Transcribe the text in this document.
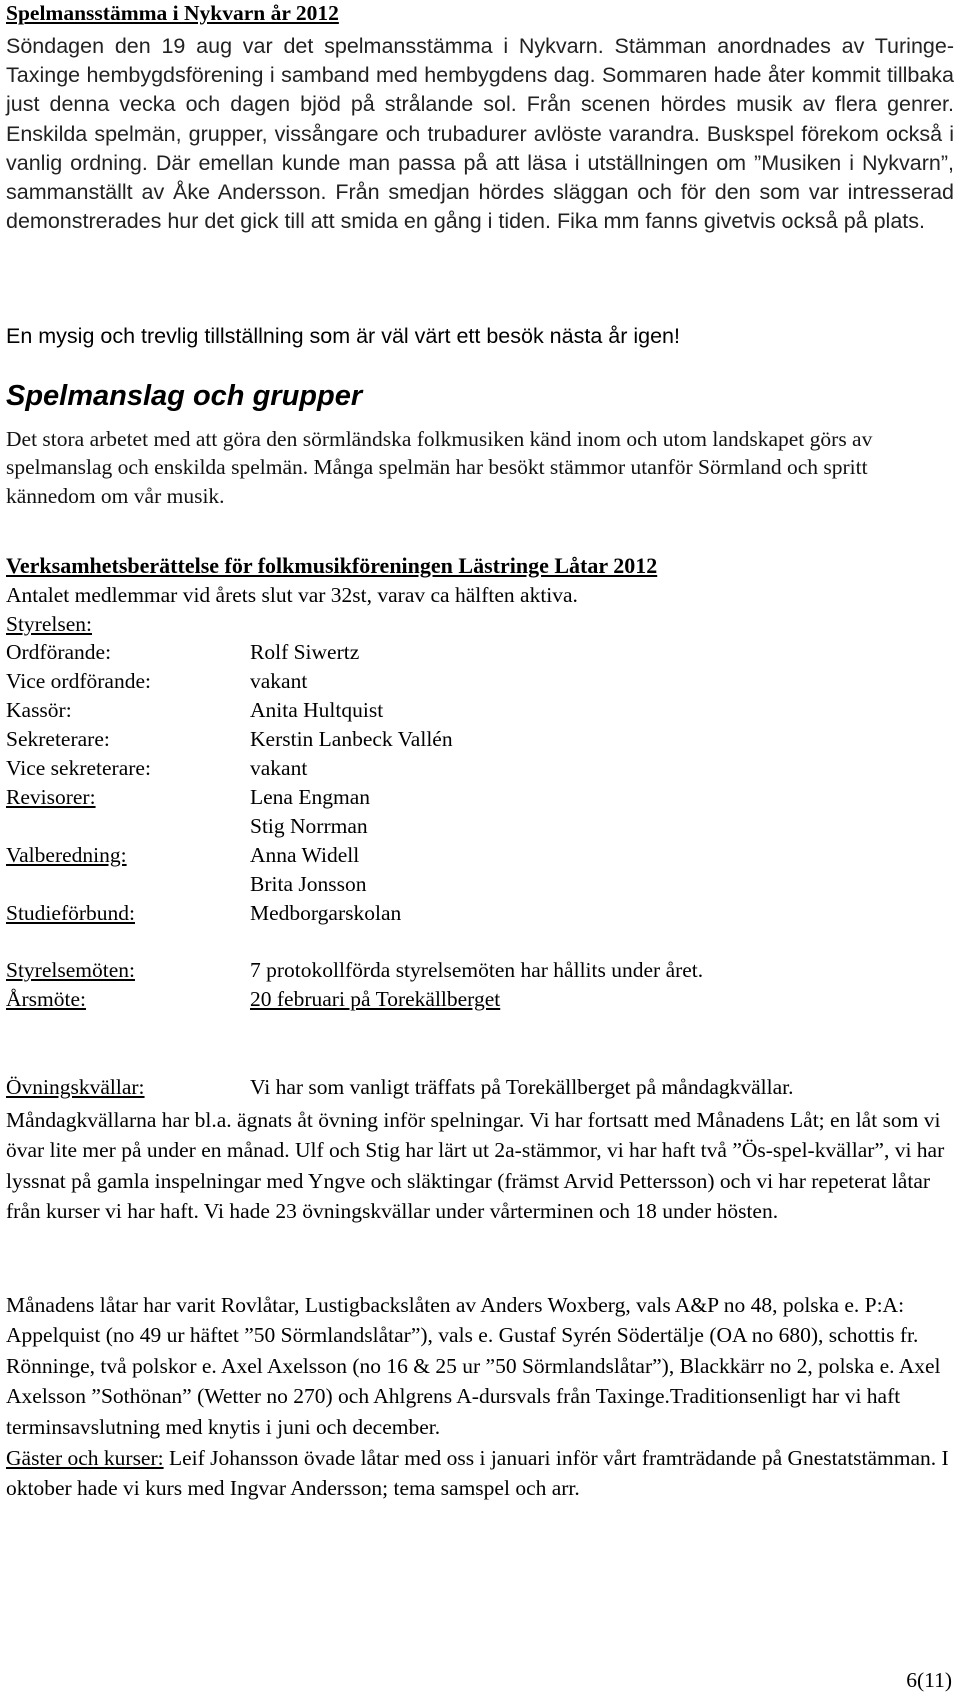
Spelmansstämma i Nykvarn år 2012
Söndagen den 19 aug var det spelmansstämma i Nykvarn. Stämman anordnades av Turinge-Taxinge hembygdsförening i samband med hembygdens dag. Sommaren hade åter kommit tillbaka just denna vecka och dagen bjöd på strålande sol. Från scenen hördes musik av flera genrer. Enskilda spelmän, grupper, vissångare och trubadurer avlöste varandra. Buskspel förekom också i vanlig ordning. Där emellan kunde man passa på att läsa i utställningen om ”Musiken i Nykvarn”, sammanställt av Åke Andersson. Från smedjan hördes släggan och för den som var intresserad demonstrerades hur det gick till att smida en gång i tiden. Fika mm fanns givetvis också på plats.
En mysig och trevlig tillställning som är väl värt ett besök nästa år igen!
Spelmanslag och grupper
Det stora arbetet med att göra den sörmländska folkmusiken känd inom och utom landskapet görs av spelmanslag och enskilda spelmän. Många spelmän har besökt stämmor utanför Sörmland och spritt kännedom om vår musik.
Verksamhetsberättelse för folkmusikföreningen Lästringe Låtar 2012
Antalet medlemmar vid årets slut var 32st, varav ca hälften aktiva.
Styrelsen:
Ordförande:	Rolf Siwertz
Vice ordförande:	vakant
Kassör:	Anita Hultquist
Sekreterare:	Kerstin Lanbeck Vallén
Vice sekreterare:	vakant
Revisorer:	Lena Engman
Stig Norrman
Valberedning:	Anna Widell
Brita Jonsson
Studieförbund:	Medborgarskolan
Styrelsemöten:	7 protokollförda styrelsemöten har hållits under året.
Årsmöte:	20 februari på Torekällberget
Övningskvällar:	Vi har som vanligt träffats på Torekällberget på måndagkvällar.
Måndagkvällarna har bl.a. ägnats åt övning inför spelningar. Vi har fortsatt med Månadens Låt; en låt som vi övar lite mer på under en månad. Ulf och Stig har lärt ut 2a-stämmor, vi har haft två ”Ös-spel-kvällar”, vi har lyssnat på gamla inspelningar med Yngve och släktingar (främst Arvid Pettersson) och vi har repeterat låtar från kurser vi har haft. Vi hade 23 övningskvällar under vårterminen och 18 under hösten.
Månadens låtar har varit Rovlåtar, Lustigbackslåten av Anders Woxberg, vals A&P no 48, polska e. P:A: Appelquist (no 49 ur häftet ”50 Sörmlandslåtar”), vals e. Gustaf Syrén Södertälje (OA no 680), schottis fr. Rönninge, två polskor e. Axel Axelsson (no 16 & 25 ur ”50 Sörmlandslåtar”), Blackkärr no 2, polska e. Axel Axelsson ”Sothönan” (Wetter no 270) och Ahlgrens A-dursvals från Taxinge.Traditionsenligt har vi haft terminsavslutning med knytis i juni och december.
Gäster och kurser: Leif Johansson övade låtar med oss i januari inför vårt framträdande på Gnestatstämman. I oktober hade vi kurs med Ingvar Andersson; tema samspel och arr.
6(11)
